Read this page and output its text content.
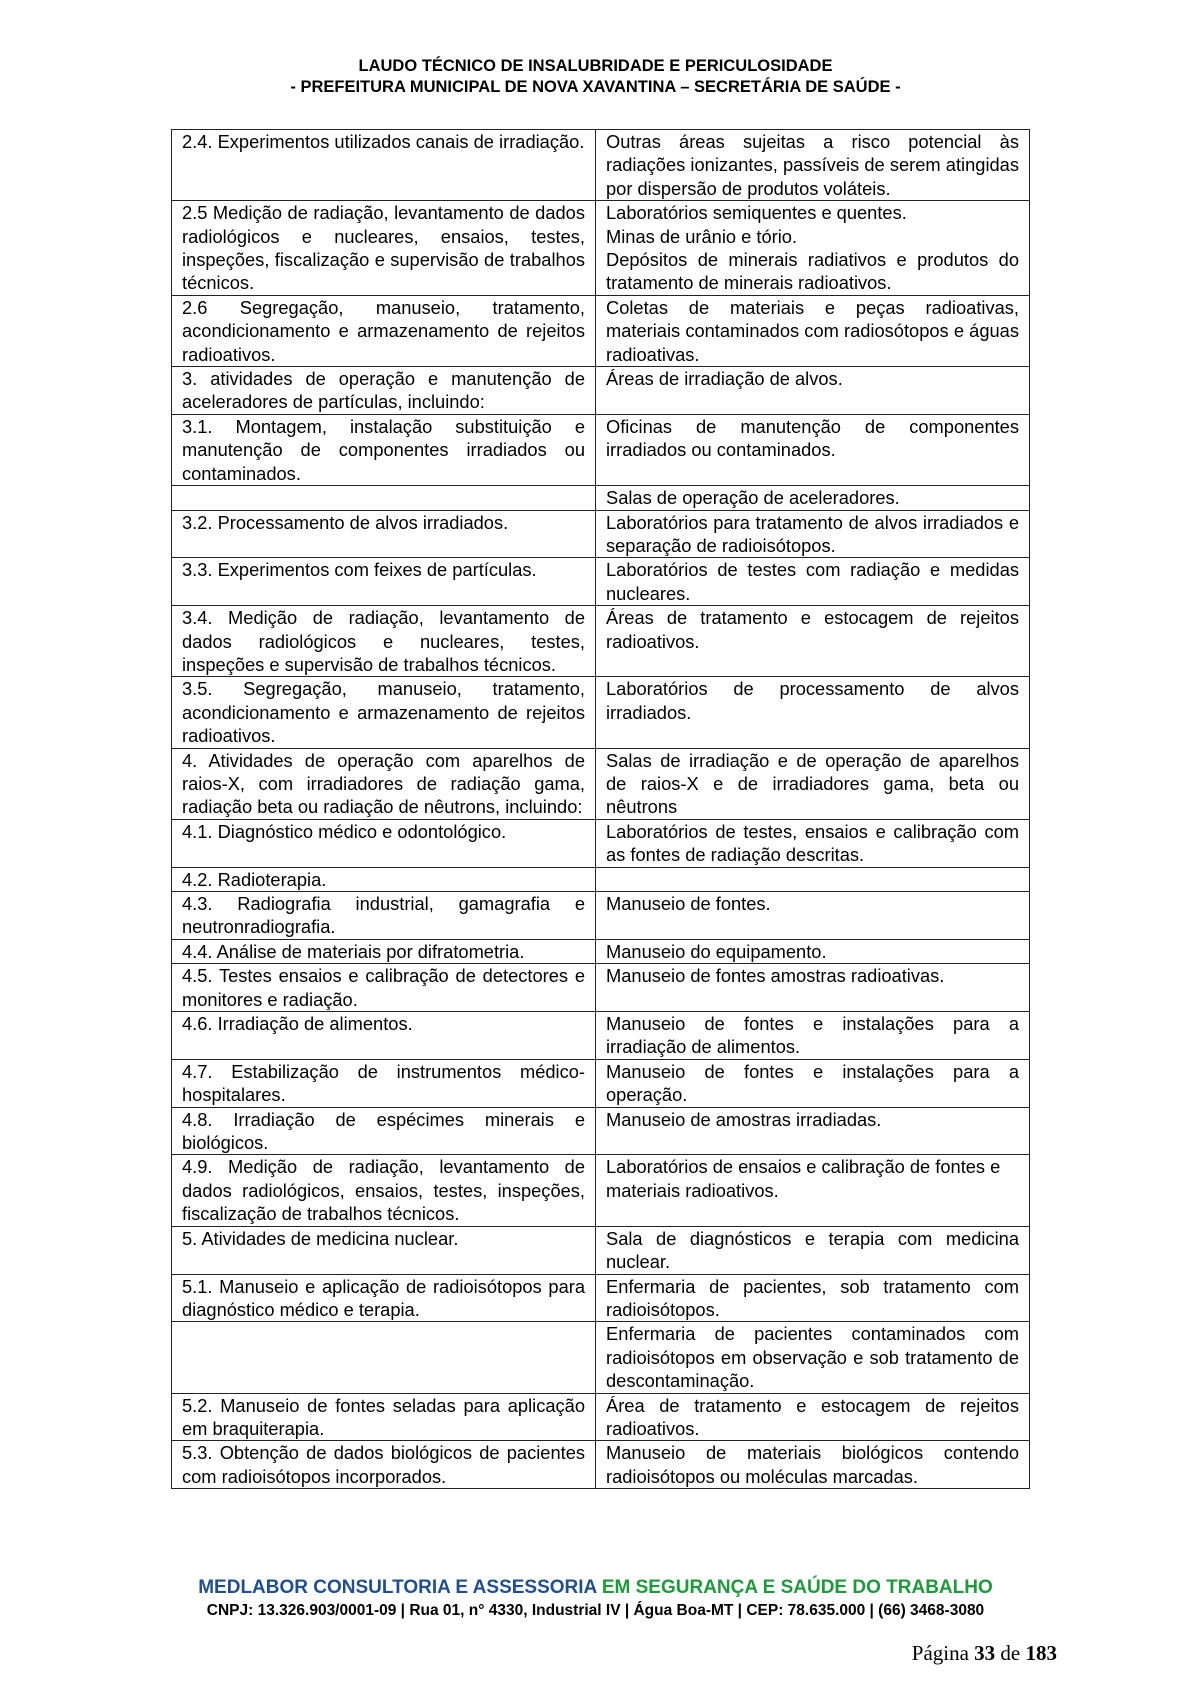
LAUDO TÉCNICO DE INSALUBRIDADE E PERICULOSIDADE
- PREFEITURA MUNICIPAL DE NOVA XAVANTINA – SECRETÁRIA DE SAÚDE -
2.4. Experimentos utilizados canais de irradiação.	Outras áreas sujeitas a risco potencial às radiações ionizantes, passíveis de serem atingidas por dispersão de produtos voláteis.
2.5 Medição de radiação, levantamento de dados radiológicos e nucleares, ensaios, testes, inspeções, fiscalização e supervisão de trabalhos técnicos.	Laboratórios semiquentes e quentes.
Minas de urânio e tório.
Depósitos de minerais radiativos e produtos do tratamento de minerais radioativos.

2.6 Segregação, manuseio, tratamento, acondicionamento e armazenamento de rejeitos radioativos.	Coletas de materiais e peças radioativas, materiais contaminados com radiosótopos e águas radioativas.
3. atividades de operação e manutenção de aceleradores de partículas, incluindo:	Áreas de irradiação de alvos.
3.1. Montagem, instalação substituição e manutenção de componentes irradiados ou contaminados.	Oficinas de manutenção de componentes irradiados ou contaminados.
	Salas de operação de aceleradores.
3.2. Processamento de alvos irradiados.	Laboratórios para tratamento de alvos irradiados e separação de radioisótopos.
3.3. Experimentos com feixes de partículas.	Laboratórios de testes com radiação e medidas nucleares.
3.4. Medição de radiação, levantamento de dados radiológicos e nucleares, testes, inspeções e supervisão de trabalhos técnicos.	Áreas de tratamento e estocagem de rejeitos radioativos.
3.5. Segregação, manuseio, tratamento, acondicionamento e armazenamento de rejeitos radioativos.	Laboratórios de processamento de alvos irradiados.
4. Atividades de operação com aparelhos de raios-X, com irradiadores de radiação gama, radiação beta ou radiação de nêutrons, incluindo:	Salas de irradiação e de operação de aparelhos de raios-X e de irradiadores gama, beta ou nêutrons
4.1. Diagnóstico médico e odontológico.	Laboratórios de testes, ensaios e calibração com as fontes de radiação descritas.
4.2. Radioterapia.	
4.3. Radiografia industrial, gamagrafia e neutronradiografia.	Manuseio de fontes.
4.4. Análise de materiais por difratometria.	Manuseio do equipamento.
4.5. Testes ensaios e calibração de detectores e monitores e radiação.	Manuseio de fontes amostras radioativas.
4.6. Irradiação de alimentos.	Manuseio de fontes e instalações para a irradiação de alimentos.
4.7. Estabilização de instrumentos médico-hospitalares.	Manuseio de fontes e instalações para a operação.
4.8. Irradiação de espécimes minerais e biológicos.	Manuseio de amostras irradiadas.
4.9. Medição de radiação, levantamento de dados radiológicos, ensaios, testes, inspeções, fiscalização de trabalhos técnicos.	Laboratórios de ensaios e calibração de fontes e
materiais radioativos.

5. Atividades de medicina nuclear.	Sala de diagnósticos e terapia com medicina nuclear.
5.1. Manuseio e aplicação de radioisótopos para diagnóstico médico e terapia.	Enfermaria de pacientes, sob tratamento com radioisótopos.
	Enfermaria de pacientes contaminados com radioisótopos em observação e sob tratamento de descontaminação.
5.2. Manuseio de fontes seladas para aplicação em braquiterapia.	Área de tratamento e estocagem de rejeitos radioativos.
5.3. Obtenção de dados biológicos de pacientes com radioisótopos incorporados.	Manuseio de materiais biológicos contendo radioisótopos ou moléculas marcadas.
MEDLABOR CONSULTORIA E ASSESSORIA EM SEGURANÇA E SAÚDE DO TRABALHO
CNPJ: 13.326.903/0001-09 | Rua 01, n° 4330, Industrial IV | Água Boa-MT | CEP: 78.635.000 | (66) 3468-3080
Página 33 de 183
